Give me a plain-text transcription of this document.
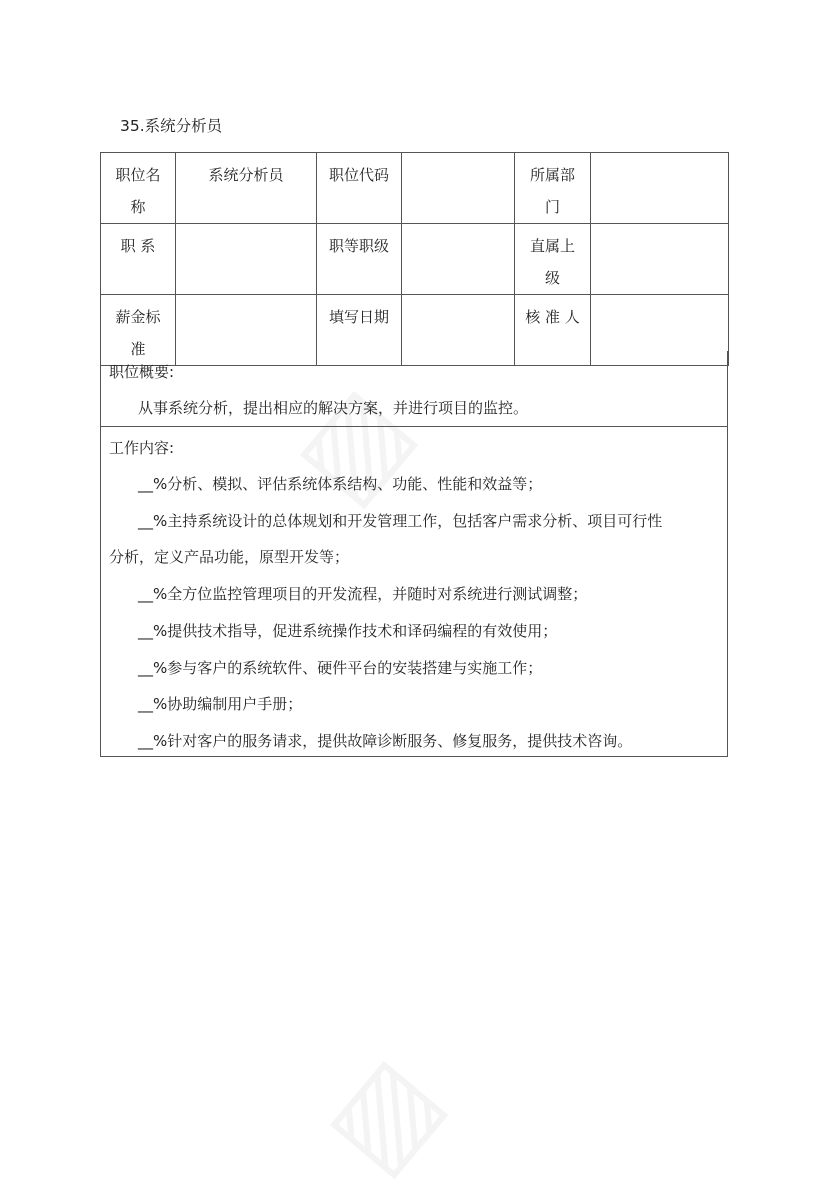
35.系统分析员
职位名称	系统分析员	职位代码		所属部门	
职 系		职等职级		直属上级	
薪金标准		填写日期		核 准 人	
职位概要:
从事系统分析，提出相应的解决方案，并进行项目的监控。
工作内容:
__%分析、模拟、评估系统体系结构、功能、性能和效益等；
__%主持系统设计的总体规划和开发管理工作，包括客户需求分析、项目可行性
分析，定义产品功能，原型开发等；
__%全方位监控管理项目的开发流程，并随时对系统进行测试调整；
__%提供技术指导，促进系统操作技术和译码编程的有效使用；
__%参与客户的系统软件、硬件平台的安装搭建与实施工作；
__%协助编制用户手册；
__%针对客户的服务请求，提供故障诊断服务、修复服务，提供技术咨询。
